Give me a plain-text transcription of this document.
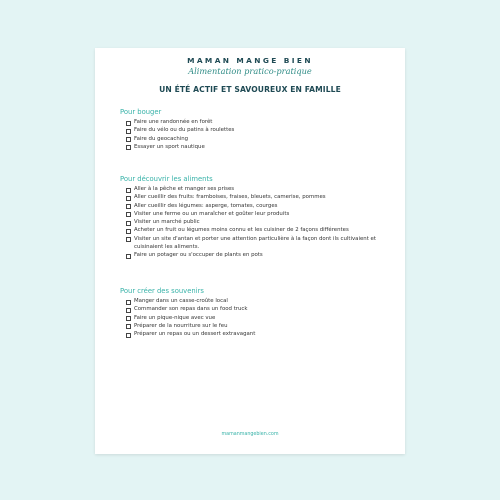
MAMAN MANGE BIEN
Alimentation pratico-pratique
UN ÉTÉ ACTIF ET SAVOUREUX EN FAMILLE
Pour bouger
Faire une randonnée en forêt
Faire du vélo ou du patins à roulettes
Faire du geocaching
Essayer un sport nautique
Pour découvrir les aliments
Aller à la pêche et manger ses prises
Aller cueillir des fruits: framboises, fraises, bleuets, camerise, pommes
Aller cueillir des légumes: asperge, tomates, courges
Visiter une ferme ou un maraîcher et goûter leur produits
Visiter un marché public
Acheter un fruit ou légumes moins connu et les cuisiner de 2 façons différentes
Visiter un site d'antan et porter une attention particulière à la façon dont ils cultivaient et cuisinaient les aliments.
Faire un potager ou s'occuper de plants en pots
Pour créer des souvenirs
Manger dans un casse-croûte local
Commander son repas dans un food truck
Faire un pique-nique avec vue
Préparer de la nourriture sur le feu
Préparer un repas ou un dessert extravagant
mamanmangebien.com
